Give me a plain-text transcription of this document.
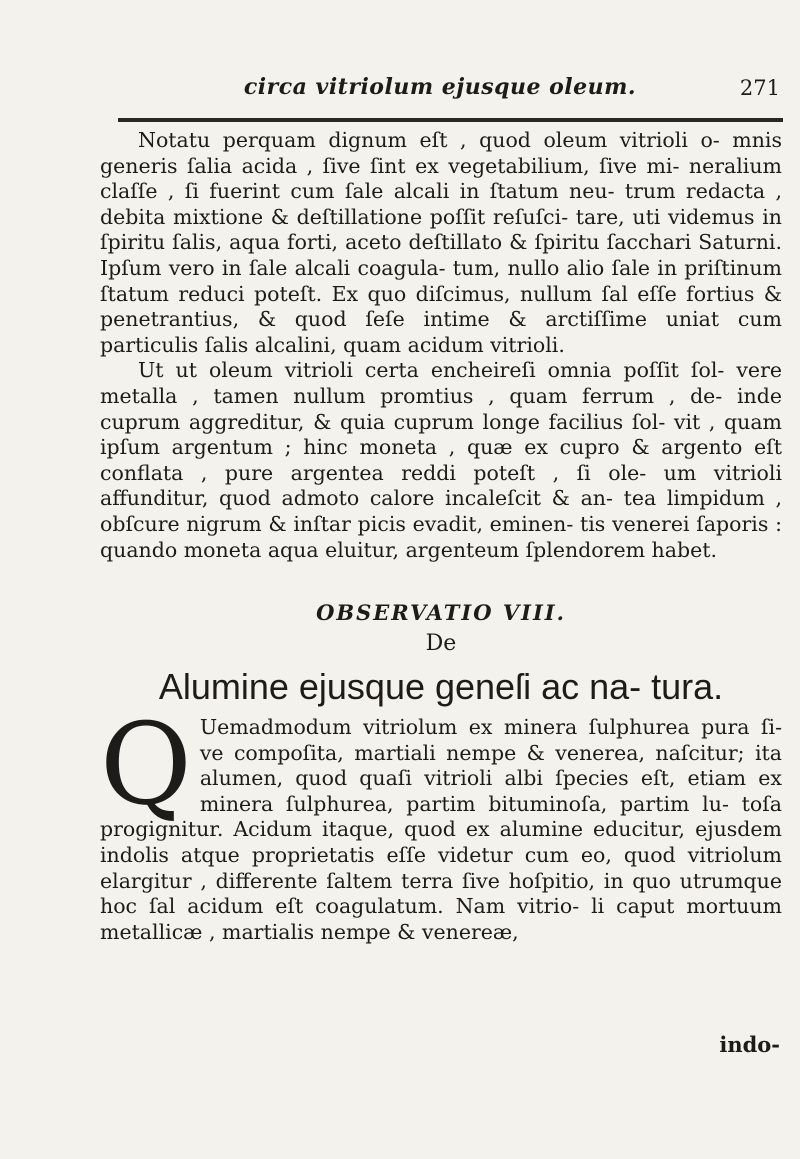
circa vitriolum ejusque oleum.	271

Notatu perquam dignum eſt , quod oleum vitrioli o- mnis generis ſalia acida , ſive ſint ex vegetabilium, ſive mi- neralium claſſe , ſi fuerint cum ſale alcali in ſtatum neu- trum redacta , debita mixtione & deſtillatione poſſit reſuſci- tare, uti videmus in ſpiritu ſalis, aqua forti, aceto deſtillato & ſpiritu ſacchari Saturni. Ipſum vero in ſale alcali coagula- tum, nullo alio ſale in priſtinum ſtatum reduci poteſt. Ex quo diſcimus, nullum ſal eſſe fortius & penetrantius, & quod ſeſe intime & arctiſſime uniat cum particulis ſalis alcalini, quam acidum vitrioli.

Ut ut oleum vitrioli certa encheireſi omnia poſſit ſol- vere metalla , tamen nullum promtius , quam ferrum , de- inde cuprum aggreditur, & quia cuprum longe facilius ſol- vit , quam ipſum argentum ; hinc moneta , quæ ex cupro & argento eſt conflata , pure argentea reddi poteſt , ſi ole- um vitrioli affunditur, quod admoto calore incaleſcit & an- tea limpidum , obſcure nigrum & inſtar picis evadit, eminen- tis venerei ſaporis : quando moneta aqua eluitur, argenteum ſplendorem habet.

OBSERVATIO VIII.

De

Alumine ejusque geneſi ac na- tura.

Q Uemadmodum vitriolum ex minera ſulphurea pura ſi- ve compoſita, martiali nempe & venerea, naſcitur; ita alumen, quod quaſi vitrioli albi ſpecies eſt, etiam ex minera ſulphurea, partim bituminoſa, partim lu- toſa progignitur. Acidum itaque, quod ex alumine educitur, ejusdem indolis atque proprietatis eſſe videtur cum eo, quod vitriolum elargitur , differente ſaltem terra ſive hoſpitio, in quo utrumque hoc ſal acidum eſt coagulatum. Nam vitrio- li caput mortuum metallicæ , martialis nempe & venereæ,

indo-
